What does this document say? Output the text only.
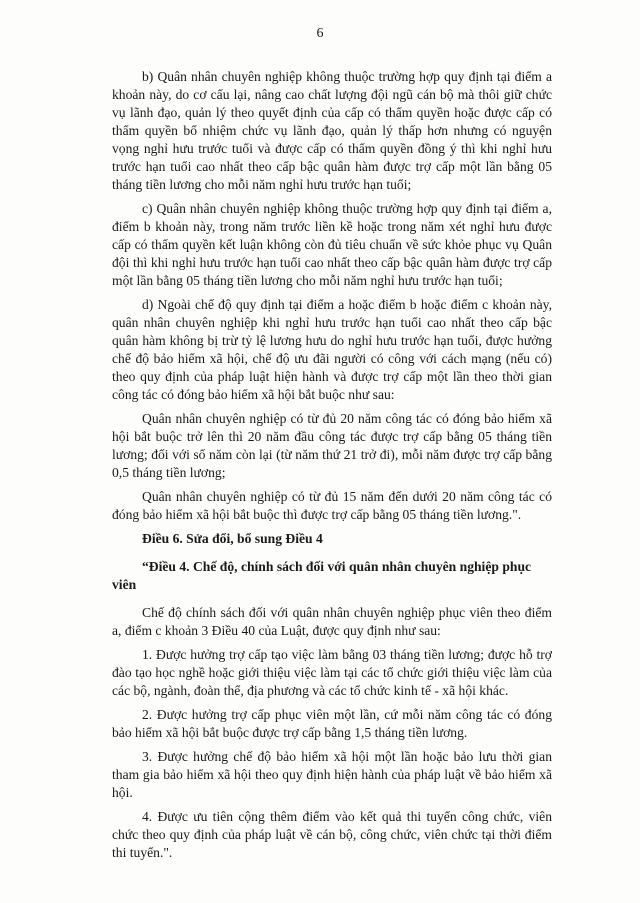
6

b) Quân nhân chuyên nghiệp không thuộc trường hợp quy định tại điểm a khoản này, do cơ cấu lại, nâng cao chất lượng đội ngũ cán bộ mà thôi giữ chức vụ lãnh đạo, quản lý theo quyết định của cấp có thẩm quyền hoặc được cấp có thẩm quyền bổ nhiệm chức vụ lãnh đạo, quản lý thấp hơn nhưng có nguyện vọng nghỉ hưu trước tuổi và được cấp có thẩm quyền đồng ý thì khi nghỉ hưu trước hạn tuổi cao nhất theo cấp bậc quân hàm được trợ cấp một lần bằng 05 tháng tiền lương cho mỗi năm nghỉ hưu trước hạn tuổi;

c) Quân nhân chuyên nghiệp không thuộc trường hợp quy định tại điểm a, điểm b khoản này, trong năm trước liền kề hoặc trong năm xét nghỉ hưu được cấp có thẩm quyền kết luận không còn đủ tiêu chuẩn về sức khỏe phục vụ Quân đội thì khi nghỉ hưu trước hạn tuổi cao nhất theo cấp bậc quân hàm được trợ cấp một lần bằng 05 tháng tiền lương cho mỗi năm nghỉ hưu trước hạn tuổi;

d) Ngoài chế độ quy định tại điểm a hoặc điểm b hoặc điểm c khoản này, quân nhân chuyên nghiệp khi nghỉ hưu trước hạn tuổi cao nhất theo cấp bậc quân hàm không bị trừ tỷ lệ lương hưu do nghỉ hưu trước hạn tuổi, được hưởng chế độ bảo hiểm xã hội, chế độ ưu đãi người có công với cách mạng (nếu có) theo quy định của pháp luật hiện hành và được trợ cấp một lần theo thời gian công tác có đóng bảo hiểm xã hội bắt buộc như sau:

Quân nhân chuyên nghiệp có từ đủ 20 năm công tác có đóng bảo hiểm xã hội bắt buộc trở lên thì 20 năm đầu công tác được trợ cấp bằng 05 tháng tiền lương; đối với số năm còn lại (từ năm thứ 21 trở đi), mỗi năm được trợ cấp bằng 0,5 tháng tiền lương;

Quân nhân chuyên nghiệp có từ đủ 15 năm đến dưới 20 năm công tác có đóng bảo hiểm xã hội bắt buộc thì được trợ cấp bằng 05 tháng tiền lương.".

Điều 6. Sửa đổi, bổ sung Điều 4

“Điều 4. Chế độ, chính sách đối với quân nhân chuyên nghiệp phục viên

Chế độ chính sách đối với quân nhân chuyên nghiệp phục viên theo điểm a, điểm c khoản 3 Điều 40 của Luật, được quy định như sau:

1. Được hưởng trợ cấp tạo việc làm bằng 03 tháng tiền lương; được hỗ trợ đào tạo học nghề hoặc giới thiệu việc làm tại các tổ chức giới thiệu việc làm của các bộ, ngành, đoàn thể, địa phương và các tổ chức kinh tế - xã hội khác.

2. Được hưởng trợ cấp phục viên một lần, cứ mỗi năm công tác có đóng bảo hiểm xã hội bắt buộc được trợ cấp bằng 1,5 tháng tiền lương.

3. Được hưởng chế độ bảo hiểm xã hội một lần hoặc bảo lưu thời gian tham gia bảo hiểm xã hội theo quy định hiện hành của pháp luật về bảo hiểm xã hội.

4. Được ưu tiên cộng thêm điểm vào kết quả thi tuyển công chức, viên chức theo quy định của pháp luật về cán bộ, công chức, viên chức tại thời điểm thi tuyển.".
